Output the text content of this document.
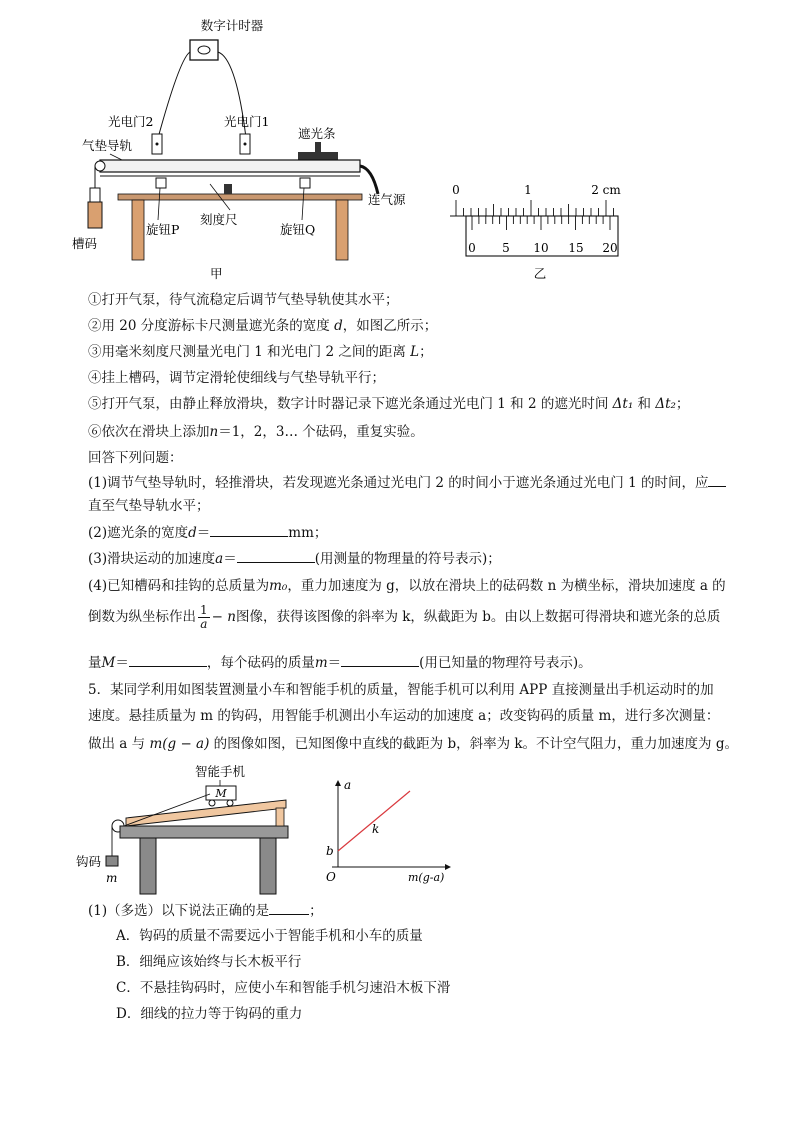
数字计时器
光电门2	光电门1
遮光条
气垫导轨
连气源
槽码
旋钮P
刻度尺
旋钮Q
甲
0	1	2 cm
0 5 10 15 20
乙
①打开气泵，待气流稳定后调节气垫导轨使其水平；
②用 20 分度游标卡尺测量遮光条的宽度 d，如图乙所示；
③用毫米刻度尺测量光电门 1 和光电门 2 之间的距离 L；
④挂上槽码，调节定滑轮使细线与气垫导轨平行；
⑤打开气泵，由静止释放滑块，数字计时器记录下遮光条通过光电门 1 和 2 的遮光时间 Δt₁ 和 Δt₂；
⑥依次在滑块上添加n＝1，2，3… 个砝码，重复实验。
回答下列问题：
(1)调节气垫导轨时，轻推滑块，若发现遮光条通过光电门 2 的时间小于遮光条通过光电门 1 的时间，应
直至气垫导轨水平；
(2)遮光条的宽度d＝	mm；
(3)滑块运动的加速度a＝	(用测量的物理量的符号表示)；
(4)已知槽码和挂钩的总质量为m₀，重力加速度为 g，以放在滑块上的砝码数 n 为横坐标，滑块加速度 a 的
倒数为纵坐标作出 $\frac{1}{a} - n$图像，获得该图像的斜率为 k，纵截距为 b。由以上数据可得滑块和遮光条的总质
量M＝	，每个砝码的质量m＝	(用已知量的物理符号表示)。
5．某同学利用如图装置测量小车和智能手机的质量，智能手机可以利用 APP 直接测量出手机运动时的加
速度。悬挂质量为 m 的钩码，用智能手机测出小车运动的加速度 a；改变钩码的质量 m，进行多次测量：
做出 a 与 m(g − a) 的图像如图，已知图像中直线的截距为 b，斜率为 k。不计空气阻力，重力加速度为 g。
智能手机
M
钩码
m
a
m(g-a)
O
b
k
(1)（多选）以下说法正确的是	；
A．钩码的质量不需要远小于智能手机和小车的质量
B．细绳应该始终与长木板平行
C．不悬挂钩码时，应使小车和智能手机匀速沿木板下滑
D．细线的拉力等于钩码的重力
